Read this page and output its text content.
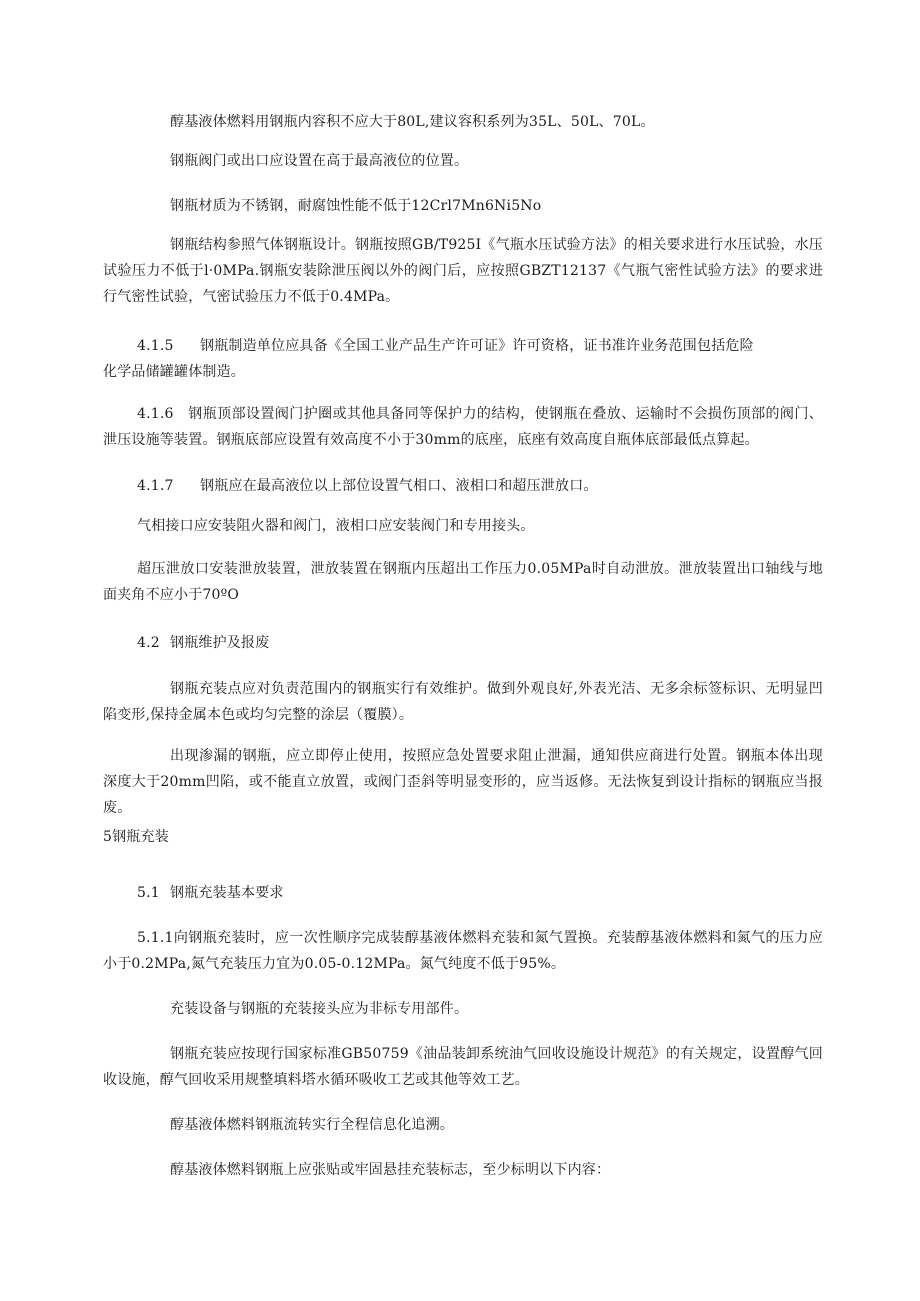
醇基液体燃料用钢瓶内容积不应大于80L,建议容积系列为35L、50L、70L。
钢瓶阀门或出口应设置在高于最高液位的位置。
钢瓶材质为不锈钢，耐腐蚀性能不低于12Crl7Mn6Ni5No
钢瓶结构参照气体钢瓶设计。钢瓶按照GB/T925I《气瓶水压试验方法》的相关要求进行水压试验，水压试验压力不低于l·0MPa.钢瓶安装除泄压阀以外的阀门后，应按照GBZT12137《气瓶气密性试验方法》的要求进行气密性试验，气密试验压力不低于0.4MPa。
4.1.5 钢瓶制造单位应具备《全国工业产品生产许可证》许可资格，证书准许业务范围包括危险
化学品储罐罐体制造。
4.1.6　钢瓶顶部设置阀门护圈或其他具备同等保护力的结构，使钢瓶在叠放、运输时不会损伤顶部的阀门、泄压设施等装置。钢瓶底部应设置有效高度不小于30mm的底座，底座有效高度自瓶体底部最低点算起。
4.1.7 钢瓶应在最高液位以上部位设置气相口、液相口和超压泄放口。
气相接口应安装阻火器和阀门，液相口应安装阀门和专用接头。
超压泄放口安装泄放装置，泄放装置在钢瓶内压超出工作压力0.05MPa时自动泄放。泄放装置出口轴线与地面夹角不应小于70ºO
4.2 钢瓶维护及报废
钢瓶充装点应对负责范围内的钢瓶实行有效维护。做到外观良好,外表光洁、无多余标签标识、无明显凹陷变形,保持金属本色或均匀完整的涂层（覆膜）。
出现渗漏的钢瓶，应立即停止使用，按照应急处置要求阻止泄漏，通知供应商进行处置。钢瓶本体出现深度大于20mm凹陷，或不能直立放置，或阀门歪斜等明显变形的，应当返修。无法恢复到设计指标的钢瓶应当报废。
5钢瓶充装
5.1 钢瓶充装基本要求
5.1.1向钢瓶充装时，应一次性顺序完成装醇基液体燃料充装和氮气置换。充装醇基液体燃料和氮气的压力应小于0.2MPa,氮气充装压力宜为0.05-0.12MPa。氮气纯度不低于95%。
充装设备与钢瓶的充装接头应为非标专用部件。
钢瓶充装应按现行国家标准GB50759《油品装卸系统油气回收设施设计规范》的有关规定，设置醇气回收设施，醇气回收采用规整填料塔水循环吸收工艺或其他等效工艺。
醇基液体燃料钢瓶流转实行全程信息化追溯。
醇基液体燃料钢瓶上应张贴或牢固悬挂充装标志，至少标明以下内容：
